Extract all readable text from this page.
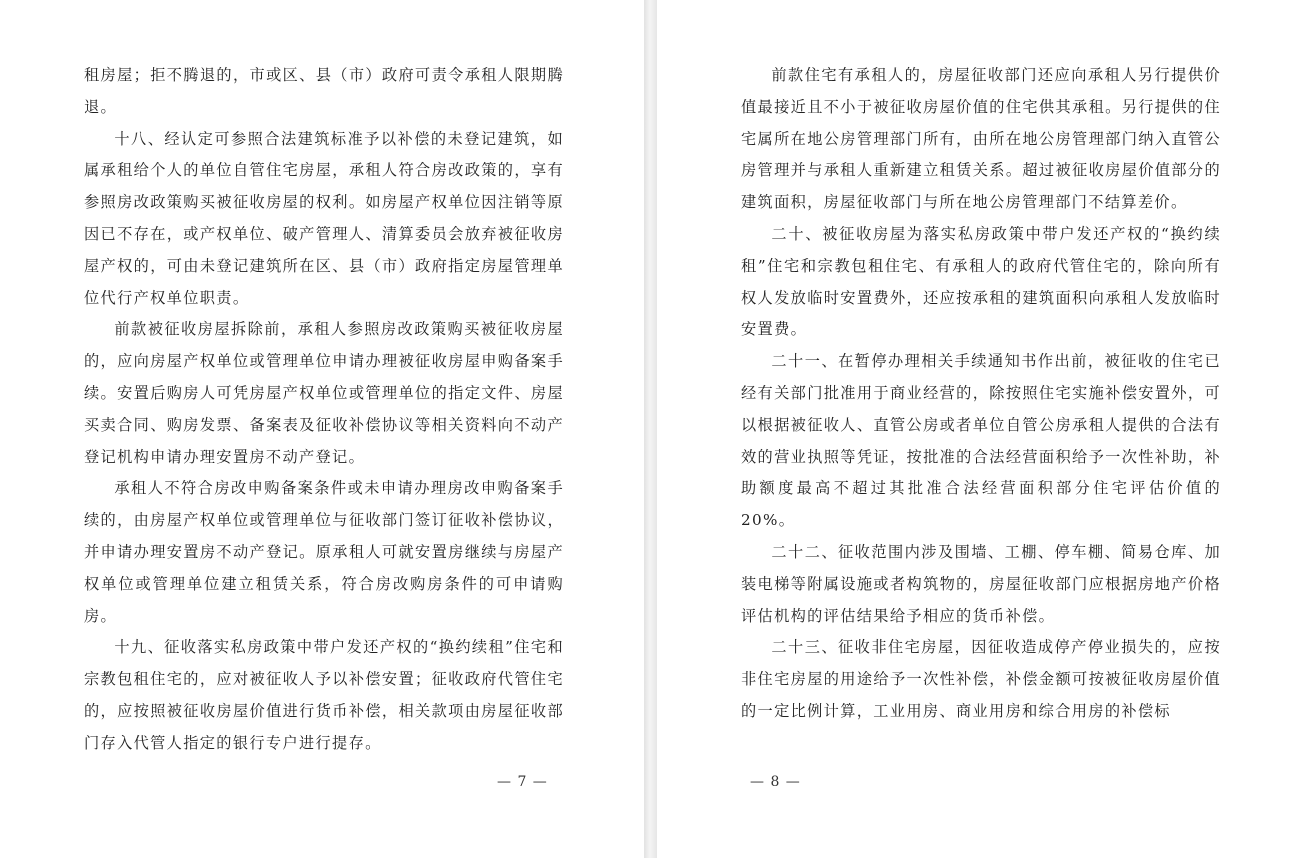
租房屋；拒不腾退的，市或区、县（市）政府可责令承租人限期腾退。

十八、经认定可参照合法建筑标准予以补偿的未登记建筑，如属承租给个人的单位自管住宅房屋，承租人符合房改政策的，享有参照房改政策购买被征收房屋的权利。如房屋产权单位因注销等原因已不存在，或产权单位、破产管理人、清算委员会放弃被征收房屋产权的，可由未登记建筑所在区、县（市）政府指定房屋管理单位代行产权单位职责。

前款被征收房屋拆除前，承租人参照房改政策购买被征收房屋的，应向房屋产权单位或管理单位申请办理被征收房屋申购备案手续。安置后购房人可凭房屋产权单位或管理单位的指定文件、房屋买卖合同、购房发票、备案表及征收补偿协议等相关资料向不动产登记机构申请办理安置房不动产登记。

承租人不符合房改申购备案条件或未申请办理房改申购备案手续的，由房屋产权单位或管理单位与征收部门签订征收补偿协议，并申请办理安置房不动产登记。原承租人可就安置房继续与房屋产权单位或管理单位建立租赁关系，符合房改购房条件的可申请购房。

十九、征收落实私房政策中带户发还产权的“换约续租”住宅和宗教包租住宅的，应对被征收人予以补偿安置；征收政府代管住宅的，应按照被征收房屋价值进行货币补偿，相关款项由房屋征收部门存入代管人指定的银行专户进行提存。

— 7 —

前款住宅有承租人的，房屋征收部门还应向承租人另行提供价值最接近且不小于被征收房屋价值的住宅供其承租。另行提供的住宅属所在地公房管理部门所有，由所在地公房管理部门纳入直管公房管理并与承租人重新建立租赁关系。超过被征收房屋价值部分的建筑面积，房屋征收部门与所在地公房管理部门不结算差价。

二十、被征收房屋为落实私房政策中带户发还产权的“换约续租”住宅和宗教包租住宅、有承租人的政府代管住宅的，除向所有权人发放临时安置费外，还应按承租的建筑面积向承租人发放临时安置费。

二十一、在暂停办理相关手续通知书作出前，被征收的住宅已经有关部门批准用于商业经营的，除按照住宅实施补偿安置外，可以根据被征收人、直管公房或者单位自管公房承租人提供的合法有效的营业执照等凭证，按批准的合法经营面积给予一次性补助，补助额度最高不超过其批准合法经营面积部分住宅评估价值的 20%。

二十二、征收范围内涉及围墙、工棚、停车棚、简易仓库、加装电梯等附属设施或者构筑物的，房屋征收部门应根据房地产价格评估机构的评估结果给予相应的货币补偿。

二十三、征收非住宅房屋，因征收造成停产停业损失的，应按非住宅房屋的用途给予一次性补偿，补偿金额可按被征收房屋价值的一定比例计算，工业用房、商业用房和综合用房的补偿标

— 8 —
